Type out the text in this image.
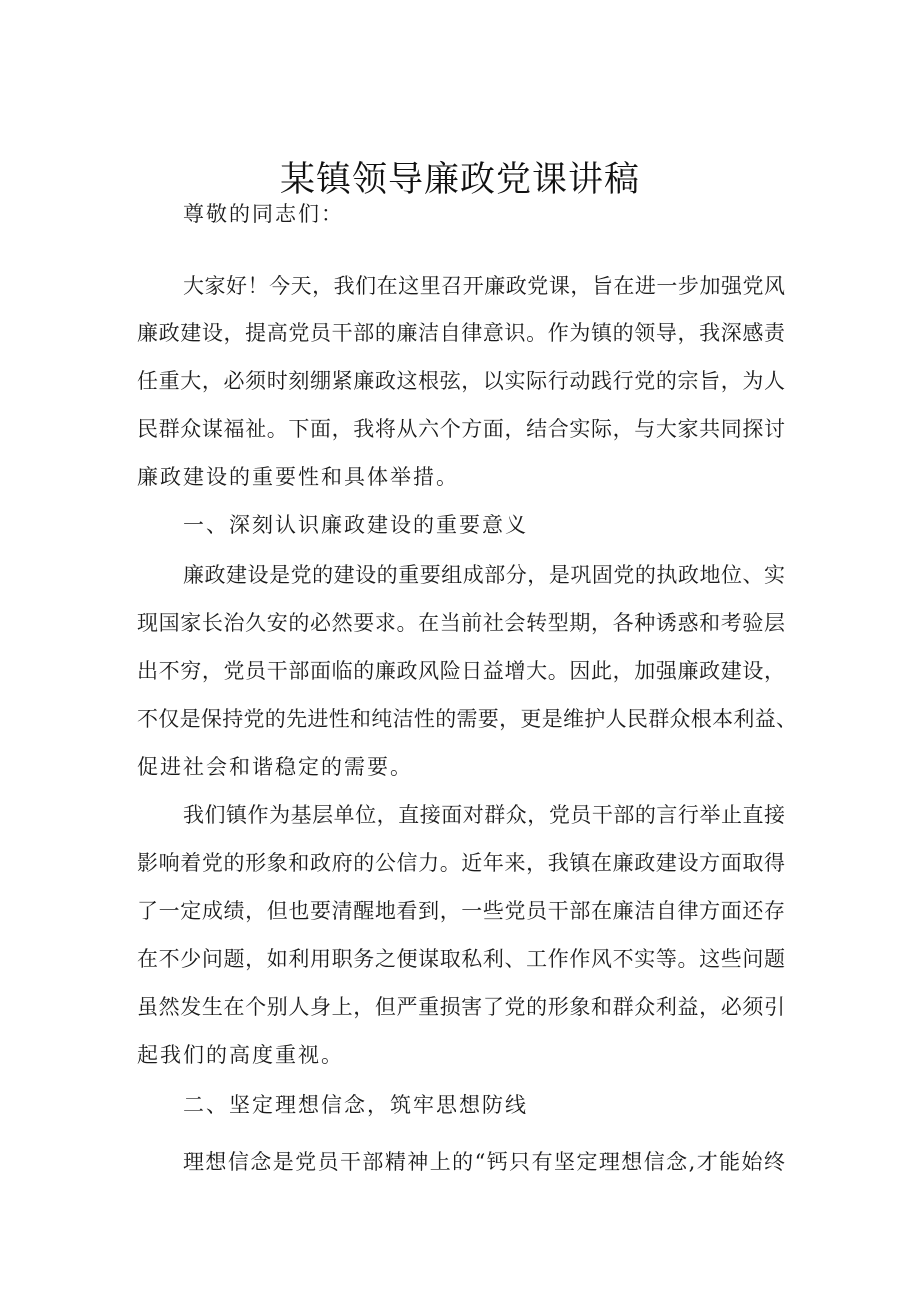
某镇领导廉政党课讲稿

尊敬的同志们：

大家好！今天，我们在这里召开廉政党课，旨在进一步加强党风

廉政建设，提高党员干部的廉洁自律意识。作为镇的领导，我深感责

任重大，必须时刻绷紧廉政这根弦，以实际行动践行党的宗旨，为人

民群众谋福祉。下面，我将从六个方面，结合实际，与大家共同探讨

廉政建设的重要性和具体举措。

一、深刻认识廉政建设的重要意义

廉政建设是党的建设的重要组成部分，是巩固党的执政地位、实

现国家长治久安的必然要求。在当前社会转型期，各种诱惑和考验层

出不穷，党员干部面临的廉政风险日益增大。因此，加强廉政建设，

不仅是保持党的先进性和纯洁性的需要，更是维护人民群众根本利益、

促进社会和谐稳定的需要。

我们镇作为基层单位，直接面对群众，党员干部的言行举止直接

影响着党的形象和政府的公信力。近年来，我镇在廉政建设方面取得

了一定成绩，但也要清醒地看到，一些党员干部在廉洁自律方面还存

在不少问题，如利用职务之便谋取私利、工作作风不实等。这些问题

虽然发生在个别人身上，但严重损害了党的形象和群众利益，必须引

起我们的高度重视。

二、坚定理想信念，筑牢思想防线

理想信念是党员干部精神上的“钙只有坚定理想信念,才能始终
